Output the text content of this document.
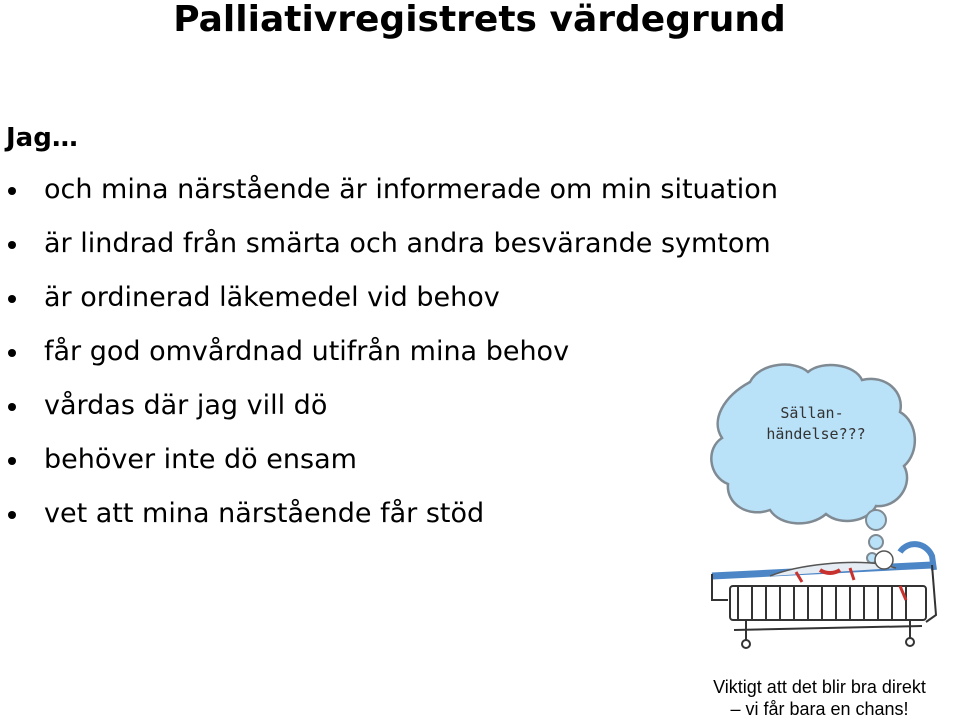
Palliativregistrets värdegrund
Jag…
och mina närstående är informerade om min situation
är lindrad från smärta och andra besvärande symtom
är ordinerad läkemedel vid behov
får god omvårdnad utifrån mina behov
vårdas där jag vill dö
behöver inte dö ensam
vet att mina närstående får stöd
Sällan-
händelse???
Viktigt att det blir bra direkt
– vi får bara en chans!
